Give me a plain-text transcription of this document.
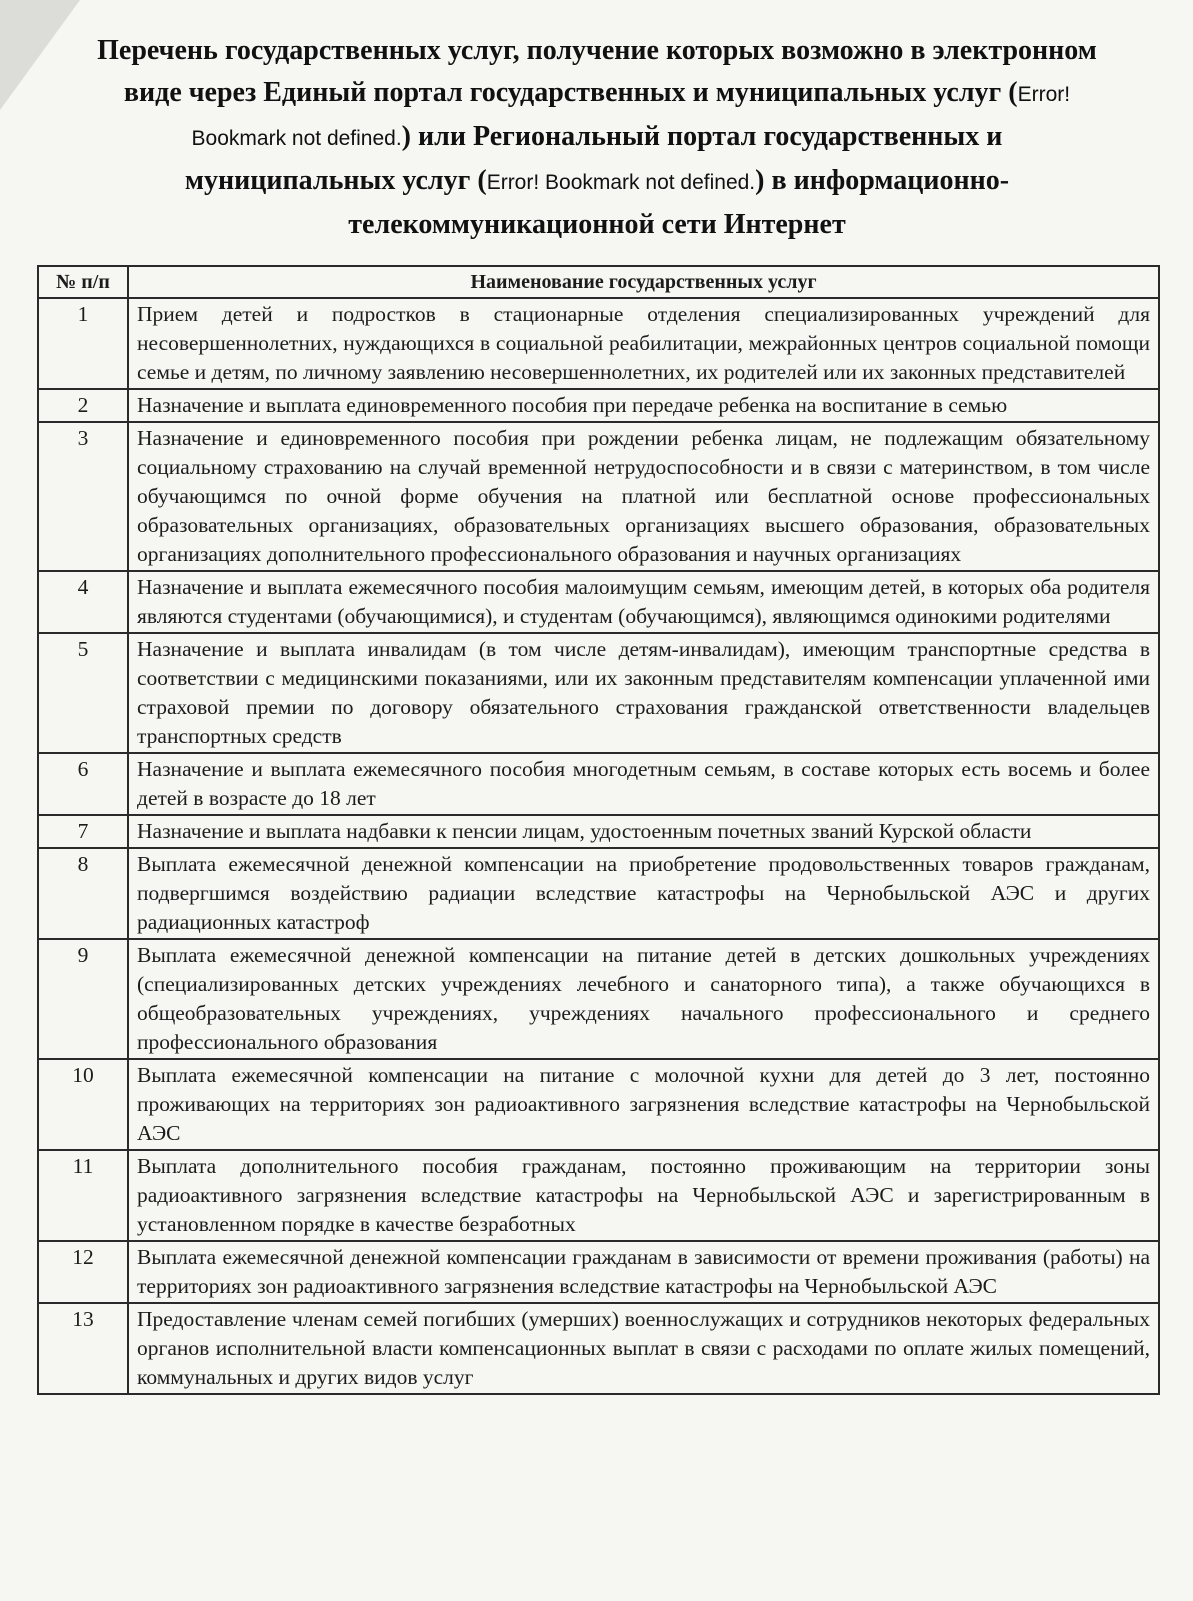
Перечень государственных услуг, получение которых возможно в электронном виде через Единый портал государственных и муниципальных услуг (Error! Bookmark not defined.) или Региональный портал государственных и муниципальных услуг (Error! Bookmark not defined.) в информационно-телекоммуникационной сети Интернет
№ п/п	Наименование государственных услуг
1	Прием детей и подростков в стационарные отделения специализированных учреждений для несовершеннолетних, нуждающихся в социальной реабилитации, межрайонных центров социальной помощи семье и детям, по личному заявлению несовершеннолетних, их родителей или их законных представителей
2	Назначение и выплата единовременного пособия при передаче ребенка на воспитание в семью
3	Назначение и единовременного пособия при рождении ребенка лицам, не подлежащим обязательному социальному страхованию на случай временной нетрудоспособности и в связи с материнством, в том числе обучающимся по очной форме обучения на платной или бесплатной основе профессиональных образовательных организациях, образовательных организациях высшего образования, образовательных организациях дополнительного профессионального образования и научных организациях
4	Назначение и выплата ежемесячного пособия малоимущим семьям, имеющим детей, в которых оба родителя являются студентами (обучающимися), и студентам (обучающимся), являющимся одинокими родителями
5	Назначение и выплата инвалидам (в том числе детям-инвалидам), имеющим транспортные средства в соответствии с медицинскими показаниями, или их законным представителям компенсации уплаченной ими страховой премии по договору обязательного страхования гражданской ответственности владельцев транспортных средств
6	Назначение и выплата ежемесячного пособия многодетным семьям, в составе которых есть восемь и более детей в возрасте до 18 лет
7	Назначение и выплата надбавки к пенсии лицам, удостоенным почетных званий Курской области
8	Выплата ежемесячной денежной компенсации на приобретение продовольственных товаров гражданам, подвергшимся воздействию радиации вследствие катастрофы на Чернобыльской АЭС и других радиационных катастроф
9	Выплата ежемесячной денежной компенсации на питание детей в детских дошкольных учреждениях (специализированных детских учреждениях лечебного и санаторного типа), а также обучающихся в общеобразовательных учреждениях, учреждениях начального профессионального и среднего профессионального образования
10	Выплата ежемесячной компенсации на питание с молочной кухни для детей до 3 лет, постоянно проживающих на территориях зон радиоактивного загрязнения вследствие катастрофы на Чернобыльской АЭС
11	Выплата дополнительного пособия гражданам, постоянно проживающим на территории зоны радиоактивного загрязнения вследствие катастрофы на Чернобыльской АЭС и зарегистрированным в установленном порядке в качестве безработных
12	Выплата ежемесячной денежной компенсации гражданам в зависимости от времени проживания (работы) на территориях зон радиоактивного загрязнения вследствие катастрофы на Чернобыльской АЭС
13	Предоставление членам семей погибших (умерших) военнослужащих и сотрудников некоторых федеральных органов исполнительной власти компенсационных выплат в связи с расходами по оплате жилых помещений, коммунальных и других видов услуг
